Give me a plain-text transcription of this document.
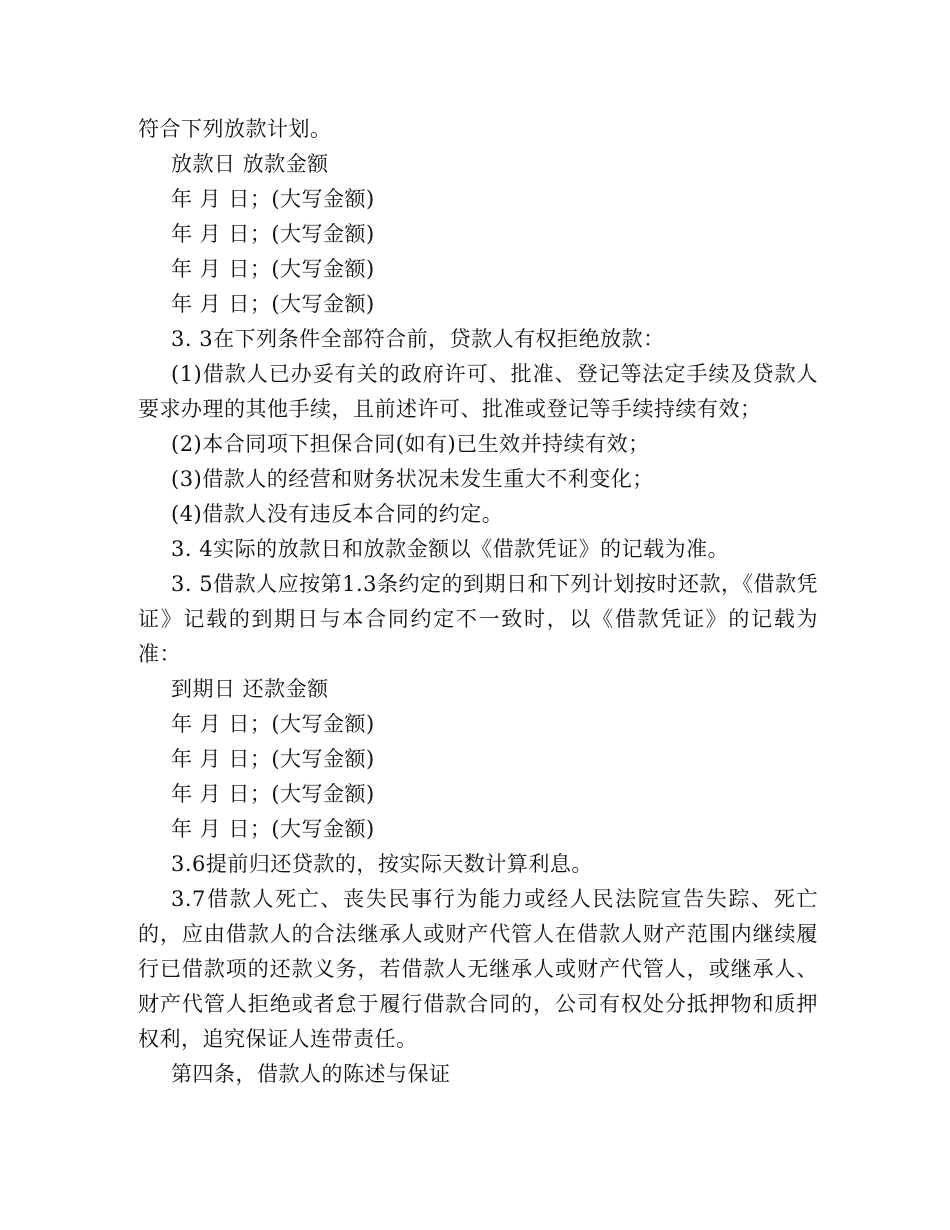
符合下列放款计划。
放款日 放款金额
年 月 日；(大写金额)
年 月 日；(大写金额)
年 月 日；(大写金额)
年 月 日；(大写金额)
3. 3在下列条件全部符合前，贷款人有权拒绝放款：
(1)借款人已办妥有关的政府许可、批准、登记等法定手续及贷款人要求办理的其他手续，且前述许可、批准或登记等手续持续有效；
(2)本合同项下担保合同(如有)已生效并持续有效；
(3)借款人的经营和财务状况未发生重大不利变化；
(4)借款人没有违反本合同的约定。
3. 4实际的放款日和放款金额以《借款凭证》的记载为准。
3. 5借款人应按第1.3条约定的到期日和下列计划按时还款，《借款凭证》记载的到期日与本合同约定不一致时，以《借款凭证》的记载为准：
到期日 还款金额
年 月 日；(大写金额)
年 月 日；(大写金额)
年 月 日；(大写金额)
年 月 日；(大写金额)
3.6提前归还贷款的，按实际天数计算利息。
3.7借款人死亡、丧失民事行为能力或经人民法院宣告失踪、死亡的，应由借款人的合法继承人或财产代管人在借款人财产范围内继续履行已借款项的还款义务，若借款人无继承人或财产代管人，或继承人、财产代管人拒绝或者怠于履行借款合同的，公司有权处分抵押物和质押权利，追究保证人连带责任。
第四条，借款人的陈述与保证
